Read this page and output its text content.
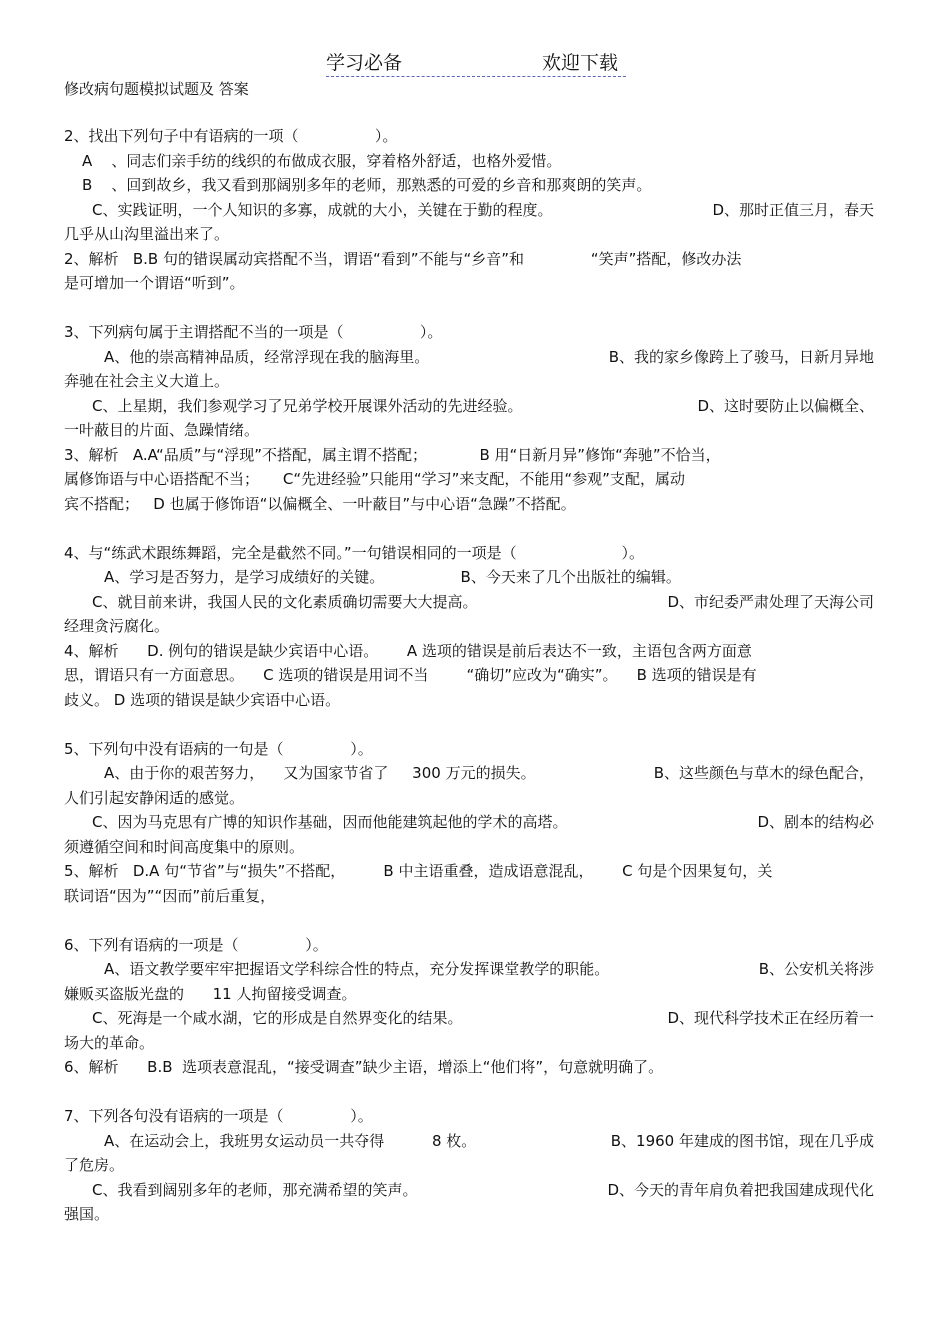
学习必备	欢迎下载
修改病句题模拟试题及 答案
2、找出下列句子中有语病的一项（                ）。
A    、同志们亲手纺的线织的布做成衣服，穿着格外舒适，也格外爱惜。
B    、回到故乡，我又看到那阔别多年的老师，那熟悉的可爱的乡音和那爽朗的笑声。
C、实践证明，一个人知识的多寡，成就的大小，关键在于勤的程度。	D、那时正值三月，春天
几乎从山沟里溢出来了。
2、解析   B.B 句的错误属动宾搭配不当，谓语“看到”不能与“乡音”和              “笑声”搭配，修改办法
是可增加一个谓语“听到”。
3、下列病句属于主谓搭配不当的一项是（                ）。
A、他的崇高精神品质，经常浮现在我的脑海里。	B、我的家乡像跨上了骏马，日新月异地
奔驰在社会主义大道上。
C、上星期，我们参观学习了兄弟学校开展课外活动的先进经验。	D、这时要防止以偏概全、
一叶蔽目的片面、急躁情绪。
3、解析   A.A“品质”与“浮现”不搭配，属主谓不搭配；           B 用“日新月异”修饰“奔驰”不恰当，
属修饰语与中心语搭配不当；     C“先进经验”只能用“学习”来支配，不能用“参观”支配，属动
宾不搭配；   D 也属于修饰语“以偏概全、一叶蔽目”与中心语“急躁”不搭配。
4、与“练武术跟练舞蹈，完全是截然不同。”一句错误相同的一项是（                      ）。
A、学习是否努力，是学习成绩好的关键。                B、今天来了几个出版社的编辑。
C、就目前来讲，我国人民的文化素质确切需要大大提高。	D、市纪委严肃处理了天海公司
经理贪污腐化。
4、解析      D. 例句的错误是缺少宾语中心语。      A 选项的错误是前后表达不一致，主语包含两方面意
思，谓语只有一方面意思。    C 选项的错误是用词不当        “确切”应改为“确实”。    B 选项的错误是有
歧义。 D 选项的错误是缺少宾语中心语。
5、下列句中没有语病的一句是（              ）。
A、由于你的艰苦努力，    又为国家节省了     300 万元的损失。	B、这些颜色与草木的绿色配合，
人们引起安静闲适的感觉。
C、因为马克思有广博的知识作基础，因而他能建筑起他的学术的高塔。	D、剧本的结构必
须遵循空间和时间高度集中的原则。
5、解析   D.A 句“节省”与“损失”不搭配，        B 中主语重叠，造成语意混乱，      C 句是个因果复句，关
联词语“因为”“因而”前后重复，
6、下列有语病的一项是（              ）。
A、语文教学要牢牢把握语文学科综合性的特点，充分发挥课堂教学的职能。	B、公安机关将涉
嫌贩买盗版光盘的      11 人拘留接受调查。
C、死海是一个咸水湖，它的形成是自然界变化的结果。	D、现代科学技术正在经历着一
场大的革命。
6、解析      B.B  选项表意混乱，“接受调查”缺少主语，增添上“他们将”，句意就明确了。
7、下列各句没有语病的一项是（              ）。
A、在运动会上，我班男女运动员一共夺得          8 枚。	B、1960 年建成的图书馆，现在几乎成
了危房。
C、我看到阔别多年的老师，那充满希望的笑声。	D、今天的青年肩负着把我国建成现代化
强国。
